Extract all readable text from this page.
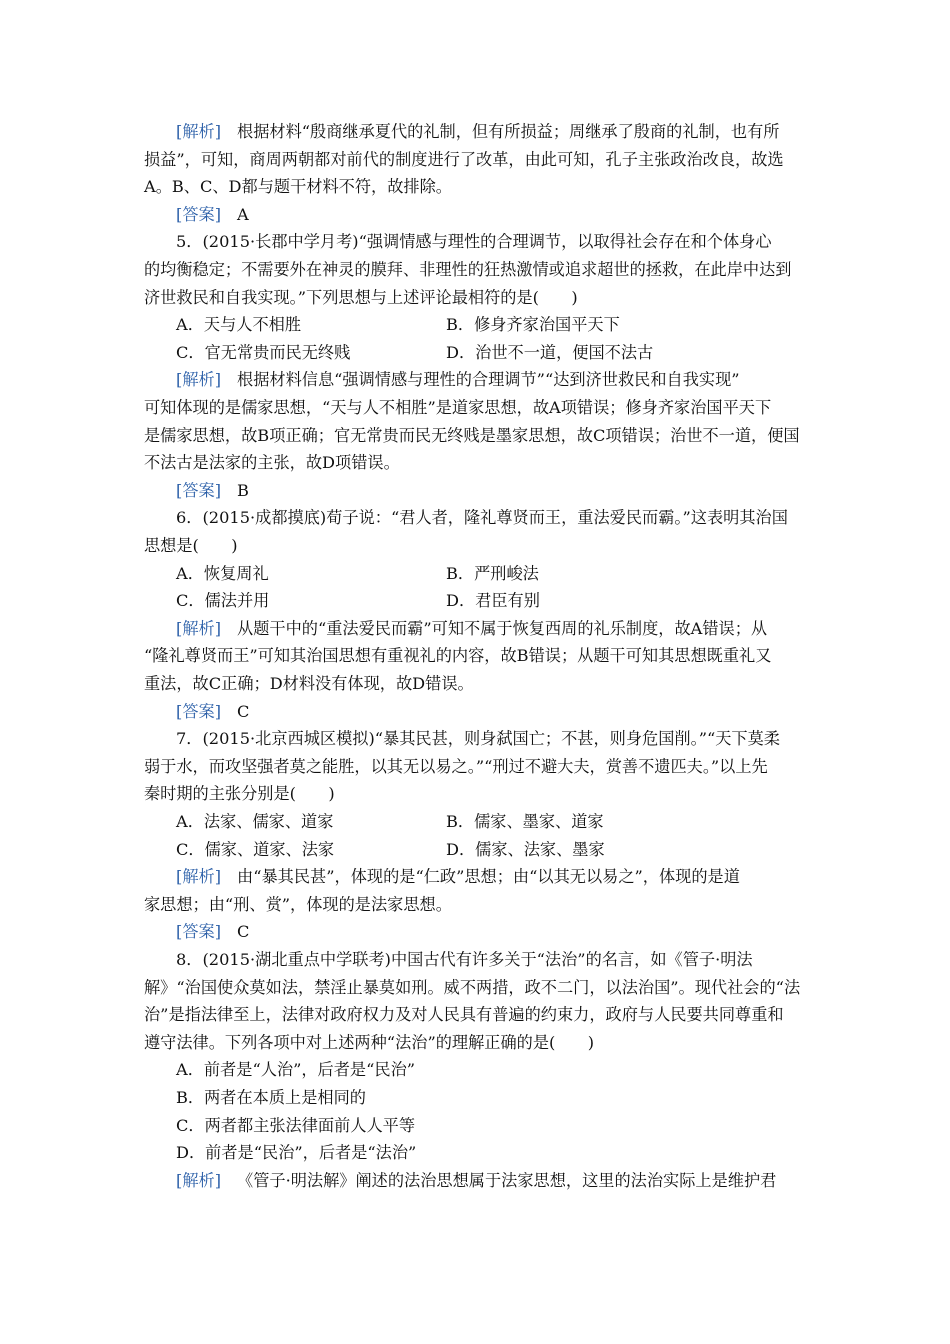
[解析] 根据材料“殷商继承夏代的礼制，但有所损益；周继承了殷商的礼制，也有所
损益”，可知，商周两朝都对前代的制度进行了改革，由此可知，孔子主张政治改良，故选
A。B、C、D都与题干材料不符，故排除。
[答案] A
5．(2015·长郡中学月考)“强调情感与理性的合理调节，以取得社会存在和个体身心
的均衡稳定；不需要外在神灵的膜拜、非理性的狂热激情或追求超世的拯救，在此岸中达到
济世救民和自我实现。”下列思想与上述评论最相符的是(　　)
A．天与人不相胜	B．修身齐家治国平天下
C．官无常贵而民无终贱	D．治世不一道，便国不法古
[解析] 根据材料信息“强调情感与理性的合理调节”“达到济世救民和自我实现”
可知体现的是儒家思想，“天与人不相胜”是道家思想，故A项错误；修身齐家治国平天下
是儒家思想，故B项正确；官无常贵而民无终贱是墨家思想，故C项错误；治世不一道，便国
不法古是法家的主张，故D项错误。
[答案] B
6．(2015·成都摸底)荀子说：“君人者，隆礼尊贤而王，重法爱民而霸。”这表明其治国
思想是(　　)
A．恢复周礼	B．严刑峻法
C．儒法并用	D．君臣有别
[解析] 从题干中的“重法爱民而霸”可知不属于恢复西周的礼乐制度，故A错误；从
“隆礼尊贤而王”可知其治国思想有重视礼的内容，故B错误；从题干可知其思想既重礼又
重法，故C正确；D材料没有体现，故D错误。
[答案] C
7．(2015·北京西城区模拟)“暴其民甚，则身弑国亡；不甚，则身危国削。”“天下莫柔
弱于水，而攻坚强者莫之能胜，以其无以易之。”“刑过不避大夫，赏善不遗匹夫。”以上先
秦时期的主张分别是(　　)
A．法家、儒家、道家	B．儒家、墨家、道家
C．儒家、道家、法家	D．儒家、法家、墨家
[解析] 由“暴其民甚”，体现的是“仁政”思想；由“以其无以易之”，体现的是道
家思想；由“刑、赏”，体现的是法家思想。
[答案] C
8．(2015·湖北重点中学联考)中国古代有许多关于“法治”的名言，如《管子·明法
解》“治国使众莫如法，禁淫止暴莫如刑。威不两措，政不二门，以法治国”。现代社会的“法
治”是指法律至上，法律对政府权力及对人民具有普遍的约束力，政府与人民要共同尊重和
遵守法律。下列各项中对上述两种“法治”的理解正确的是(　　)
A．前者是“人治”，后者是“民治”
B．两者在本质上是相同的
C．两者都主张法律面前人人平等
D．前者是“民治”，后者是“法治”
[解析] 《管子·明法解》阐述的法治思想属于法家思想，这里的法治实际上是维护君
